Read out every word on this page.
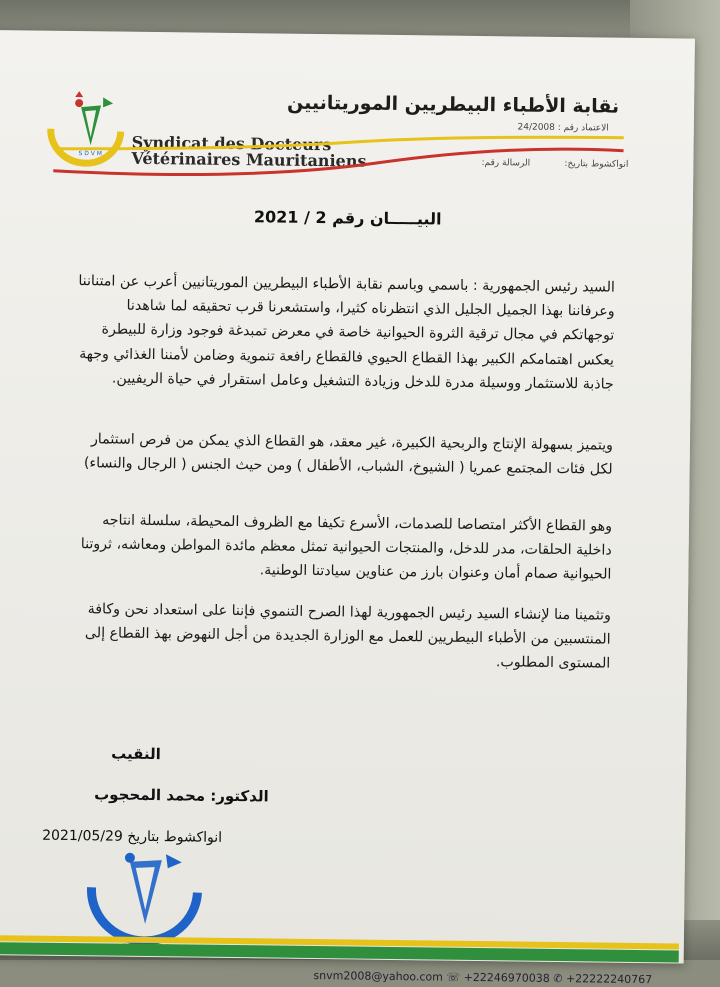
S D V M
نقابة الأطباء البيطريين الموريتانيين
Syndicat des Docteurs
Vétérinaires Mauritaniens
الاعتماد رقم : 24/2008
انواكشوط بتاريخ:            الرسالة رقم:
البيـــــان رقم 2 / 2021
السيد رئيس الجمهورية : باسمي وباسم نقابة الأطباء البيطريين الموريتانيين أعرب عن امتناننا وعرفاننا بهذا الجميل الجليل الذي انتظرناه كثيرا، واستشعرنا قرب تحقيقه لما شاهدنا توجهاتكم في مجال ترقية الثروة الحيوانية خاصة في معرض تمبدغة فوجود وزارة للبيطرة يعكس اهتمامكم الكبير بهذا القطاع الحيوي فالقطاع رافعة تنموية وضامن لأمننا الغذائي وجهة جاذبة للاستثمار ووسيلة مدرة للدخل وزيادة التشغيل وعامل استقرار في حياة الريفيين.
ويتميز بسهولة الإنتاج والربحية الكبيرة، غير معقد، هو القطاع الذي يمكن من فرص استثمار لكل فئات المجتمع عمريا ( الشيوخ، الشباب، الأطفال ) ومن حيث الجنس ( الرجال والنساء)
وهو القطاع الأكثر امتصاصا للصدمات، الأسرع تكيفا مع الظروف المحيطة، سلسلة انتاجه داخلية الحلقات، مدر للدخل، والمنتجات الحيوانية تمثل معظم مائدة المواطن ومعاشه، ثروتنا الحيوانية صمام أمان وعنوان بارز من عناوين سيادتنا الوطنية.
وتثمينا منا لإنشاء السيد رئيس الجمهورية لهذا الصرح التنموي فإننا على استعداد نحن وكافة المنتسبين من الأطباء البيطريين للعمل مع الوزارة الجديدة من أجل النهوض بهذ القطاع إلى المستوى المطلوب.
النقيب
الدكتور: محمد المحجوب
انواكشوط بتاريخ 2021/05/29
snvm2008@yahoo.com ☏ +22246970038 ✆ +22222240767
